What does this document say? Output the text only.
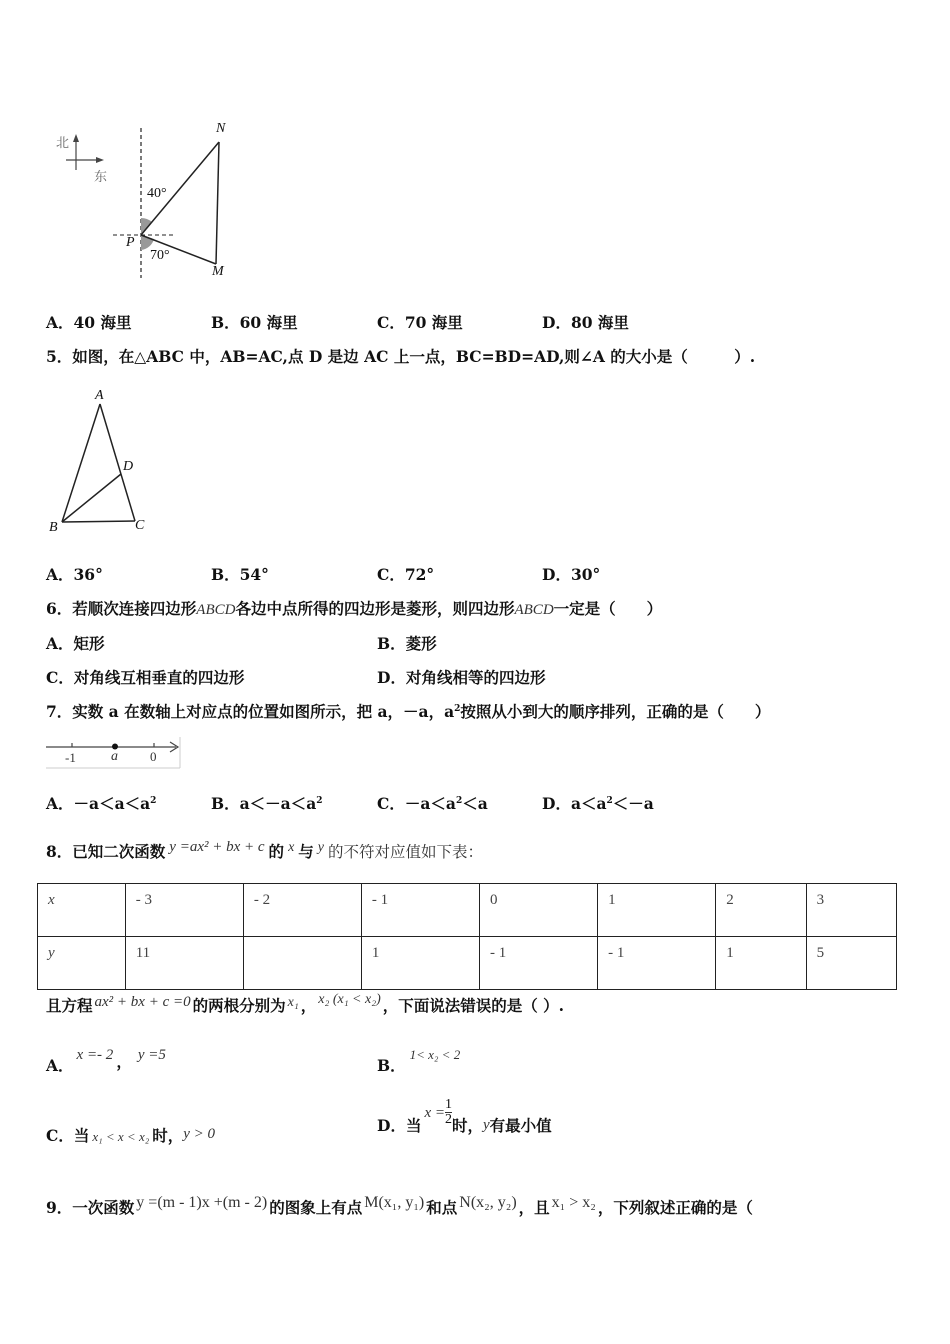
北
东
N
P
M
40°
70°
A．40 海里	B．60 海里	C．70 海里	D．80 海里
5．如图，在△ABC 中，AB=AC,点 D 是边 AC 上一点，BC=BD=AD,则∠A 的大小是（　　　）.
A
B	C
D
A．36°	B．54°	C．72°	D．30°
6．若顺次连接四边形ABCD各边中点所得的四边形是菱形，则四边形ABCD一定是（　　）
A．矩形	B．菱形
C．对角线互相垂直的四边形	D．对角线相等的四边形
7．实数 a 在数轴上对应点的位置如图所示，把 a，－a，$a^2$按照从小到大的顺序排列，正确的是（　　）
-1	a 0
A．$-a<a<a^2$	B．$a<-a<a^2$	C．$-a<a^2<a$	D．$a<a^2<-a$
8．已知二次函数 y =ax² + bx + c 的 x 与 y 的不符对应值如下表：
x	- 3	- 2	- 1	0	1	2	3
y	11		1	- 1	- 1	1	5
且方程 ax² + bx + c =0 的两根分别为 x₁ ， x₂ (x₁ < x₂) ，下面说法错误的是（ ）.
A．x =- 2 ， y =5
B．1< x₂ < 2
C．当 x₁ < x < x₂ 时，y > 0	D．当$x = \frac{1}{2}$ 时，y有最小值
9．一次函数 y =(m - 1)x +(m - 2) 的图象上有点 M(x₁, y₁) 和点 N(x₂, y₂) ，且 x₁ > x₂ ，下列叙述正确的是（
